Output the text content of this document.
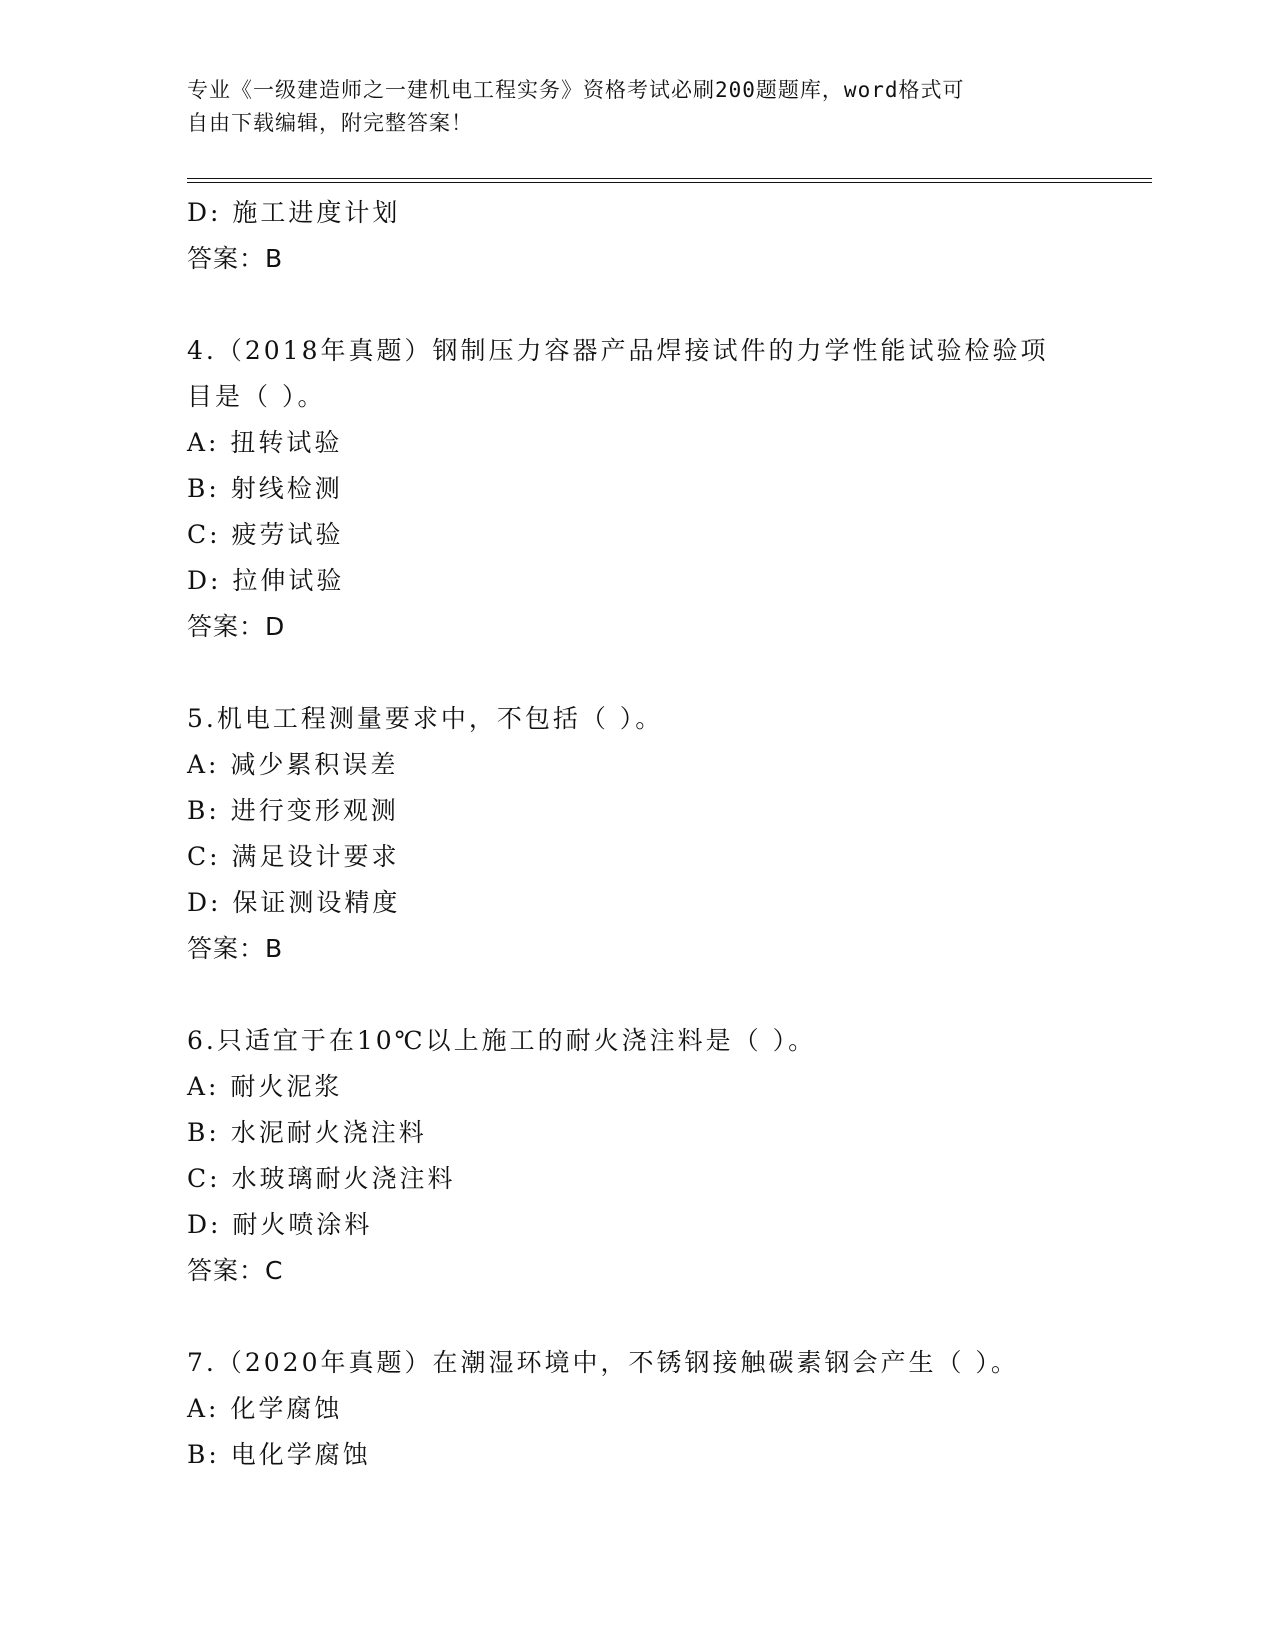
专业《一级建造师之一建机电工程实务》资格考试必刷200题题库，word格式可
自由下载编辑，附完整答案！
D: 施工进度计划
答案：B
4.（2018年真题）钢制压力容器产品焊接试件的力学性能试验检验项
目是（ ）。
A: 扭转试验
B: 射线检测
C: 疲劳试验
D: 拉伸试验
答案：D
5.机电工程测量要求中，不包括（ ）。
A: 减少累积误差
B: 进行变形观测
C: 满足设计要求
D: 保证测设精度
答案：B
6.只适宜于在10℃以上施工的耐火浇注料是（ ）。
A: 耐火泥浆
B: 水泥耐火浇注料
C: 水玻璃耐火浇注料
D: 耐火喷涂料
答案：C
7.（2020年真题）在潮湿环境中，不锈钢接触碳素钢会产生（ ）。
A: 化学腐蚀
B: 电化学腐蚀
